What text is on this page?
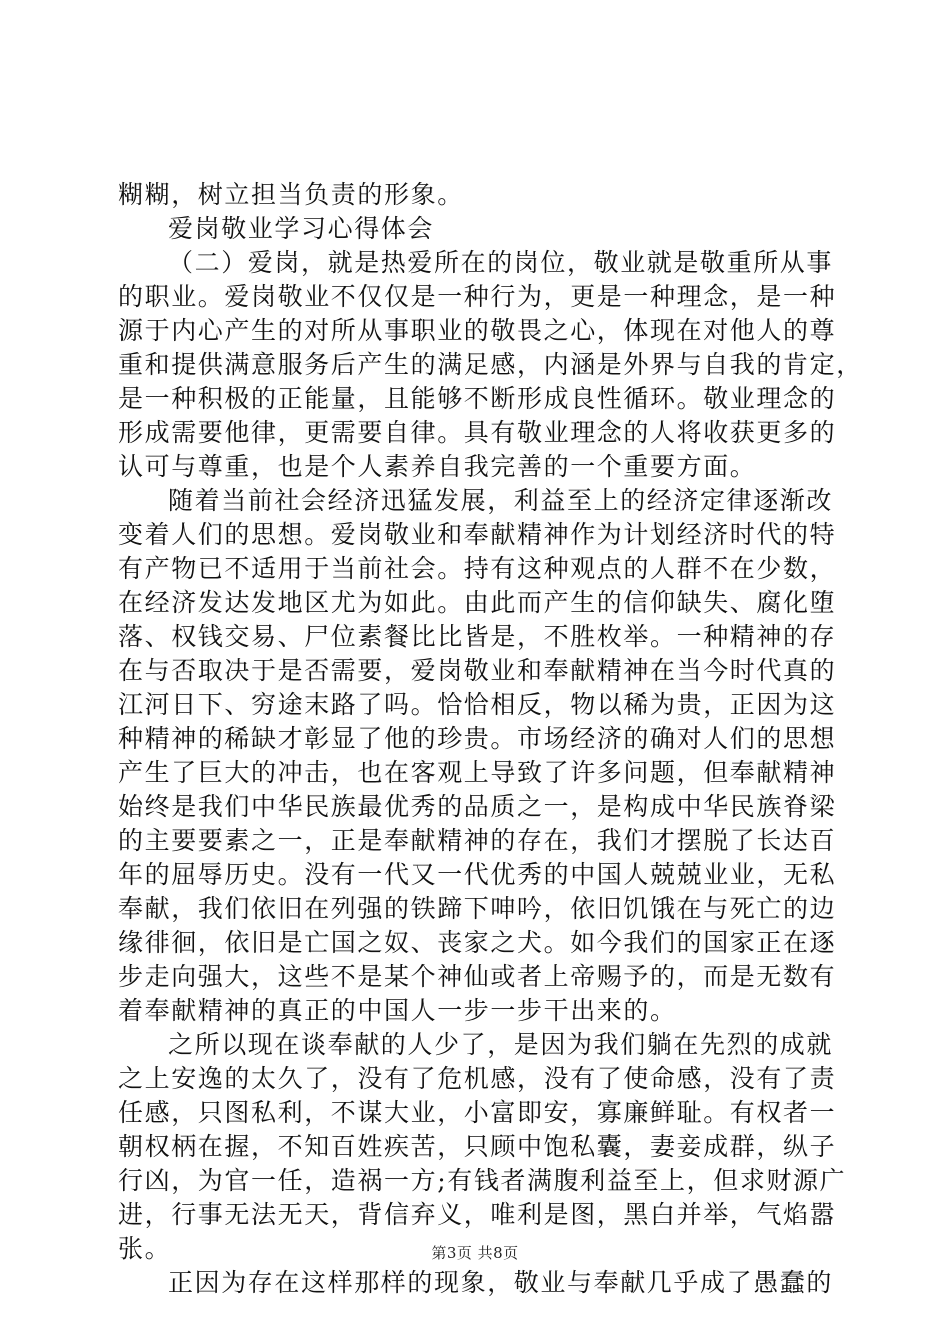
糊糊，树立担当负责的形象。
爱岗敬业学习心得体会
（二）爱岗，就是热爱所在的岗位，敬业就是敬重所从事
的职业。爱岗敬业不仅仅是一种行为，更是一种理念，是一种
源于内心产生的对所从事职业的敬畏之心，体现在对他人的尊
重和提供满意服务后产生的满足感，内涵是外界与自我的肯定，
是一种积极的正能量，且能够不断形成良性循环。敬业理念的
形成需要他律，更需要自律。具有敬业理念的人将收获更多的
认可与尊重，也是个人素养自我完善的一个重要方面。
随着当前社会经济迅猛发展，利益至上的经济定律逐渐改
变着人们的思想。爱岗敬业和奉献精神作为计划经济时代的特
有产物已不适用于当前社会。持有这种观点的人群不在少数，
在经济发达发地区尤为如此。由此而产生的信仰缺失、腐化堕
落、权钱交易、尸位素餐比比皆是，不胜枚举。一种精神的存
在与否取决于是否需要，爱岗敬业和奉献精神在当今时代真的
江河日下、穷途末路了吗。恰恰相反，物以稀为贵，正因为这
种精神的稀缺才彰显了他的珍贵。市场经济的确对人们的思想
产生了巨大的冲击，也在客观上导致了许多问题，但奉献精神
始终是我们中华民族最优秀的品质之一，是构成中华民族脊梁
的主要要素之一，正是奉献精神的存在，我们才摆脱了长达百
年的屈辱历史。没有一代又一代优秀的中国人兢兢业业，无私
奉献，我们依旧在列强的铁蹄下呻吟，依旧饥饿在与死亡的边
缘徘徊，依旧是亡国之奴、丧家之犬。如今我们的国家正在逐
步走向强大，这些不是某个神仙或者上帝赐予的，而是无数有
着奉献精神的真正的中国人一步一步干出来的。
之所以现在谈奉献的人少了，是因为我们躺在先烈的成就
之上安逸的太久了，没有了危机感，没有了使命感，没有了责
任感，只图私利，不谋大业，小富即安，寡廉鲜耻。有权者一
朝权柄在握，不知百姓疾苦，只顾中饱私囊，妻妾成群，纵子
行凶，为官一任，造祸一方;有钱者满腹利益至上，但求财源广
进，行事无法无天，背信弃义，唯利是图，黑白并举，气焰嚣
张。
正因为存在这样那样的现象，敬业与奉献几乎成了愚蠢的
第3页 共8页
